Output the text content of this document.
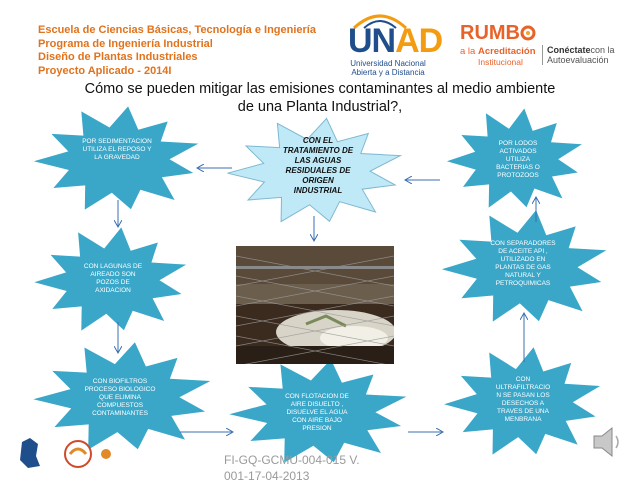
Escuela de Ciencias Básicas, Tecnología e Ingeniería
Programa de Ingeniería Industrial
Diseño de Plantas Industriales
Proyecto Aplicado - 2014I
UNAD
Universidad Nacional
Abierta y a Distancia
RUMB
a la Acreditación
Institucional
Conéctatecon la
Autoevaluación
Cómo se pueden mitigar las emisiones contaminantes al medio ambiente
de una Planta Industrial?,
CON EL TRATAMIENTO DE LAS AGUAS RESIDUALES DE ORIGEN INDUSTRIAL
POR SEDIMENTACION UTILIZA EL REPOSO Y LA GRAVEDAD
CON LAGUNAS DE AIREADO SON POZOS DE AXIDACION
CON BIOFILTROS PROCESO BIOLOGICO QUE ELIMINA COMPUESTOS CONTAMINANTES
CON FLOTACION DE AIRE DISUELTO , DISUELVE EL AGUA CON AIRE BAJO PRESION
CON ULTRAFILTRACIO N SE PASAN LOS DESECHOS A TRAVES DE UNA MENBRANA
CON SEPARADORES DE ACEITE API , UTILIZADO EN PLANTAS DE GAS NATURAL Y PETROQUIMICAS
POR LODOS ACTIVADOS UTILIZA BACTERIAS O PROTOZOOS
FI-GQ-GCMU-004-015 V.
001-17-04-2013
